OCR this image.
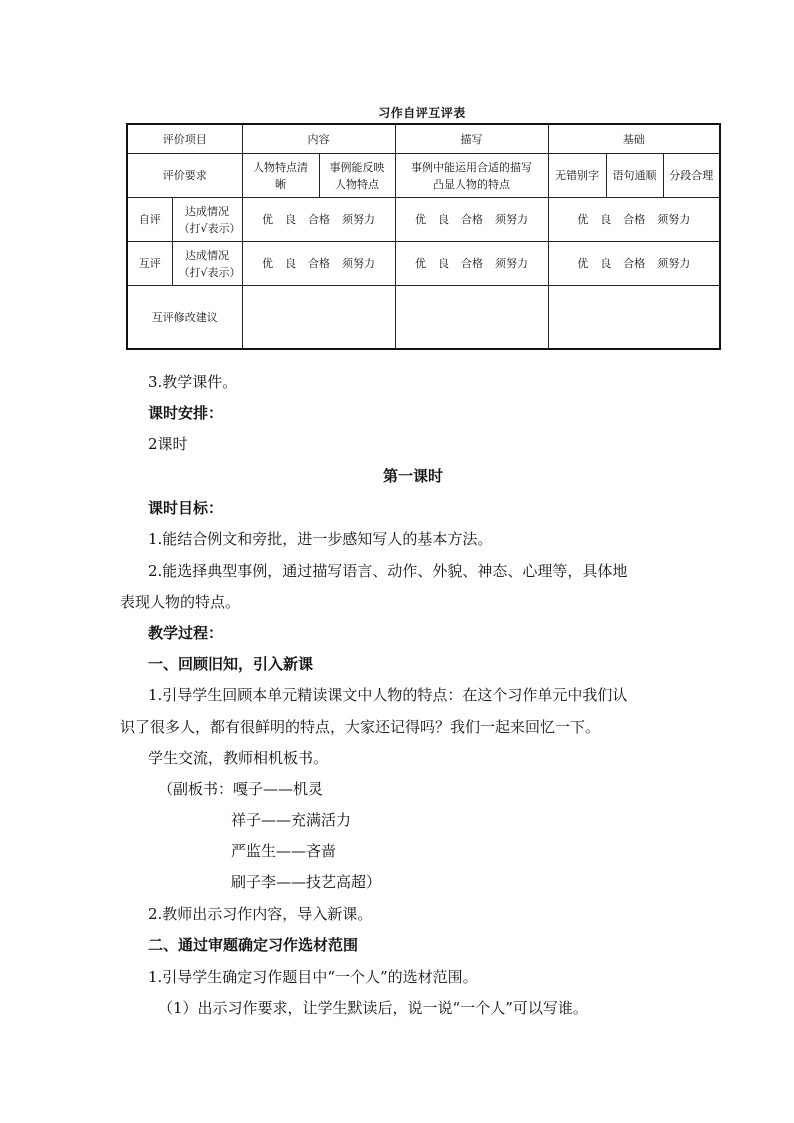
习作自评互评表
评价项目		内容		描写	基础		
评价要求		人物特点清晰	事例能反映人物特点	事例中能运用合适的描写凸显人物的特点	无错别字	语句通顺	分段合理
自评	达成情况（打√表示）	优 良 合格 须努力		优 良 合格 须努力	优 良 合格 须努力		
互评	达成情况（打√表示）	优 良 合格 须努力		优 良 合格 须努力	优 良 合格 须努力		
互评修改建议							
3.教学课件。
课时安排：
2课时
第一课时
课时目标：
1.能结合例文和旁批，进一步感知写人的基本方法。
2.能选择典型事例，通过描写语言、动作、外貌、神态、心理等，具体地
表现人物的特点。
教学过程：
一、回顾旧知，引入新课
1.引导学生回顾本单元精读课文中人物的特点：在这个习作单元中我们认
识了很多人，都有很鲜明的特点，大家还记得吗？我们一起来回忆一下。
学生交流，教师相机板书。
（副板书：嘎子——机灵
祥子——充满活力
严监生——吝啬
刷子李——技艺高超）
2.教师出示习作内容，导入新课。
二、通过审题确定习作选材范围
1.引导学生确定习作题目中“一个人”的选材范围。
（1）出示习作要求，让学生默读后，说一说“一个人”可以写谁。
